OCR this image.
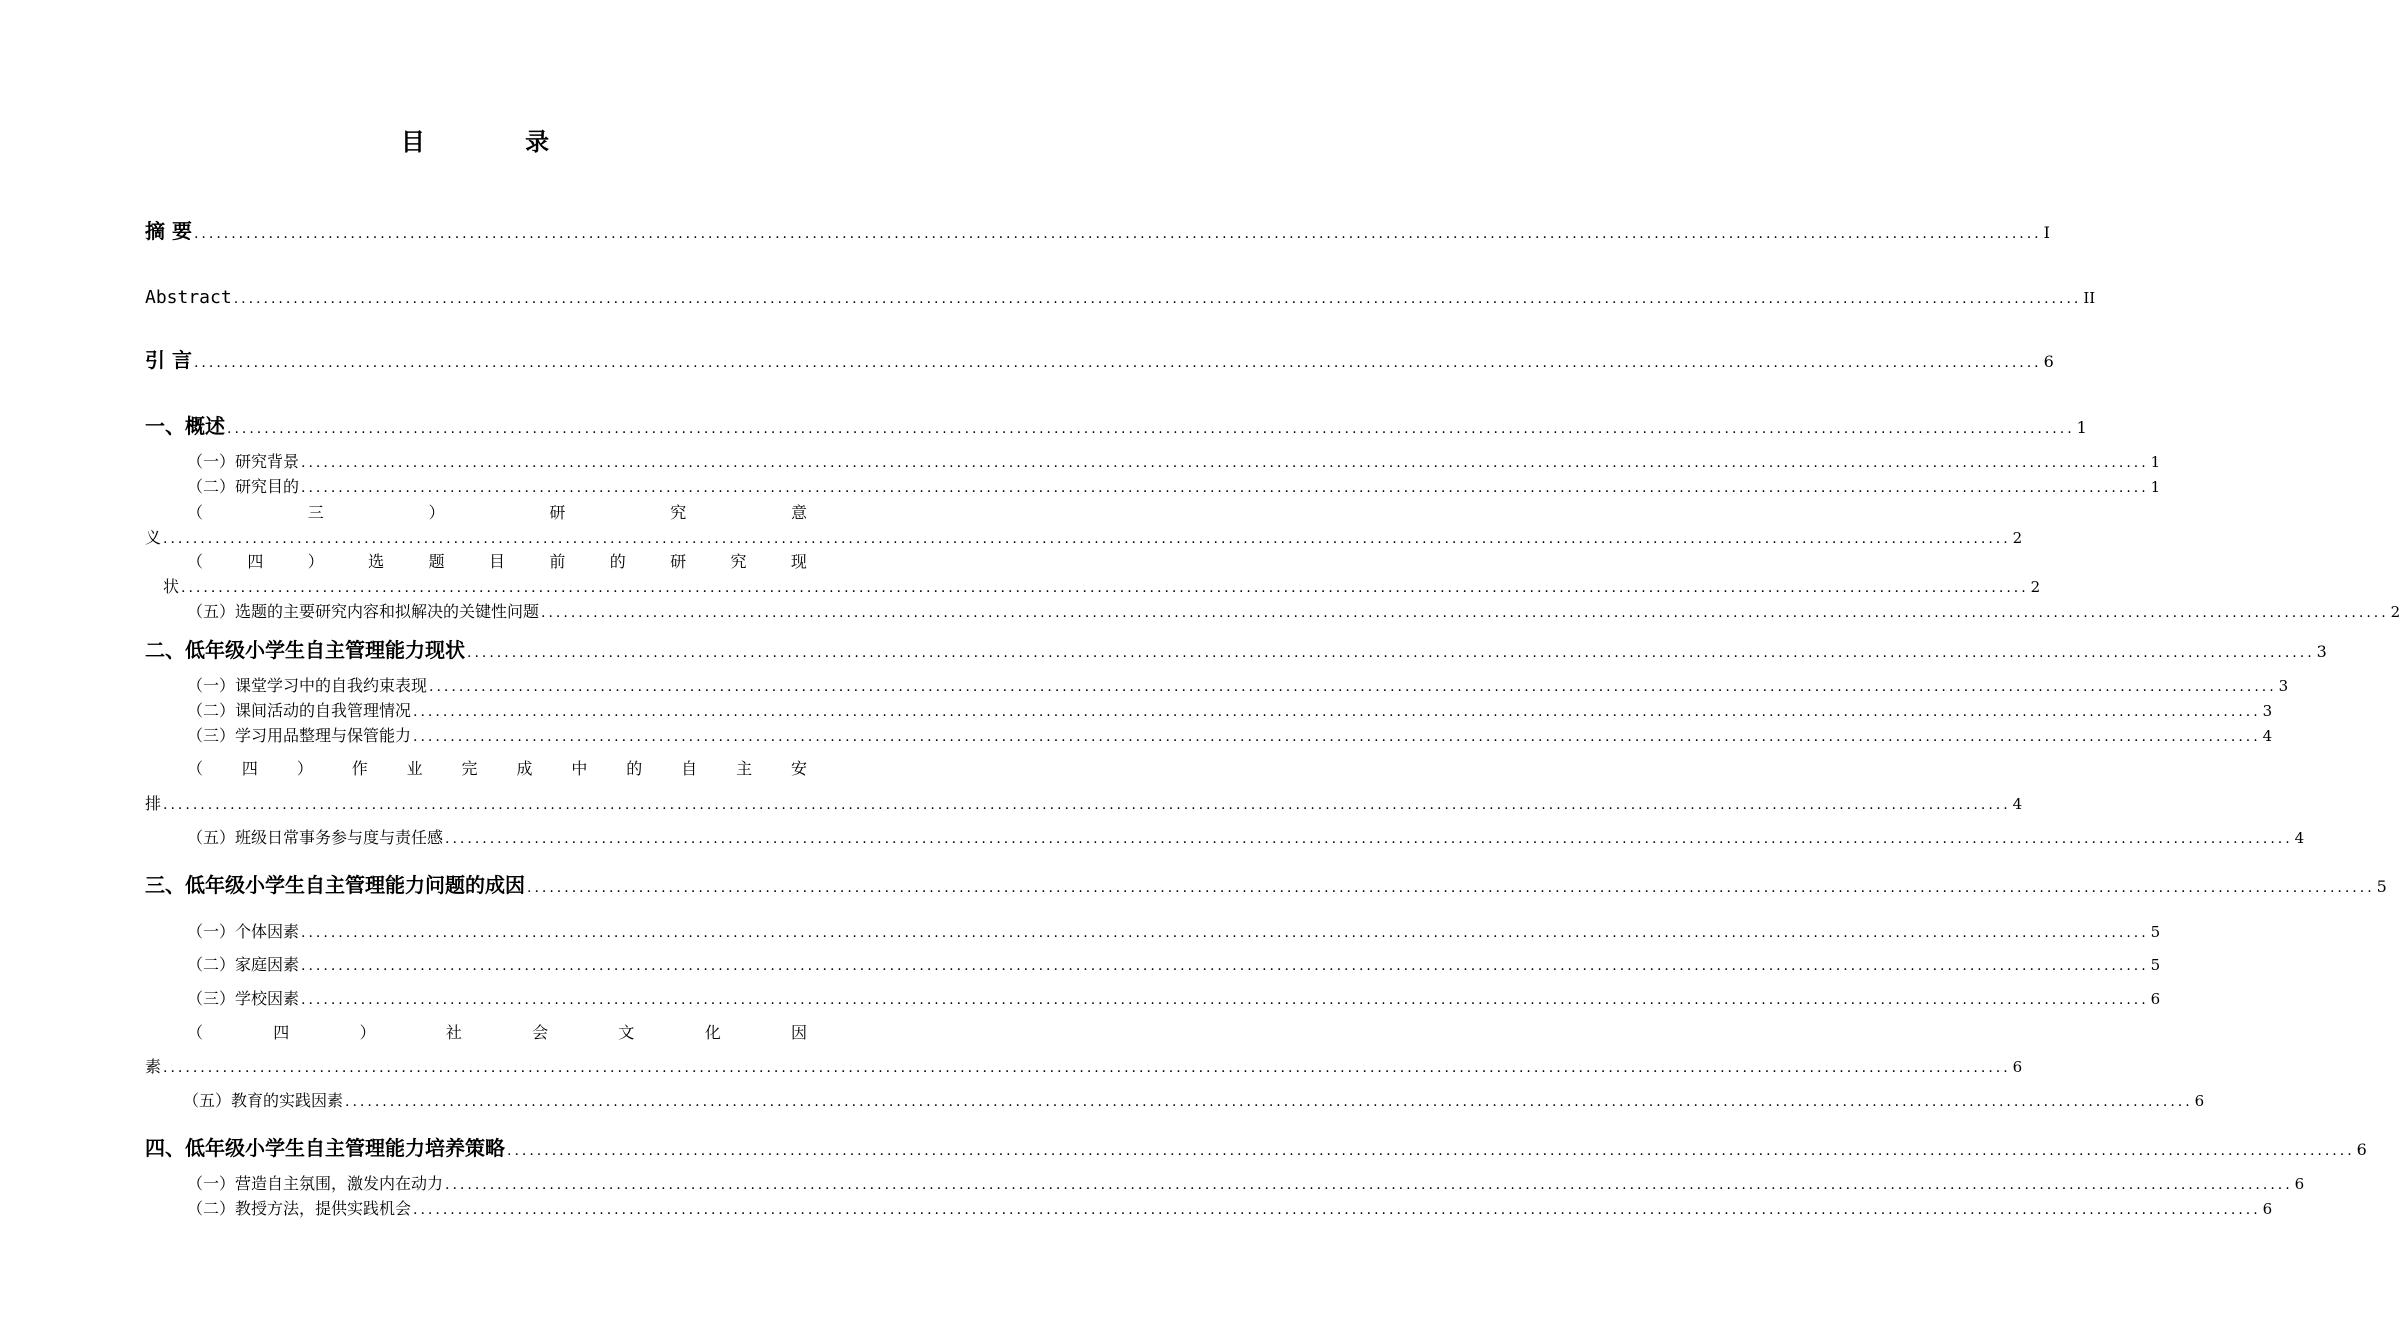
目 录
摘 要 ........................................................................................................................................................................................................................................................ I
Abstract ........................................................................................................................................................................................................................................................ II
引 言 ........................................................................................................................................................................................................................................................ 6
一、概述 ........................................................................................................................................................................................................................................................ 1
（一）研究背景 ........................................................................................................................................................................................................................................................ 1
（二）研究目的 ........................................................................................................................................................................................................................................................ 1
（	三	）	研	究	意
义 ........................................................................................................................................................................................................................................................ 2
（	四	）	选	题	目	前	的	研	究	现
状 ........................................................................................................................................................................................................................................................ 2
（五）选题的主要研究内容和拟解决的关键性问题 ........................................................................................................................................................................................................................................................ 2
二、低年级小学生自主管理能力现状 ........................................................................................................................................................................................................................................................ 3
（一）课堂学习中的自我约束表现 ........................................................................................................................................................................................................................................................ 3
（二）课间活动的自我管理情况 ........................................................................................................................................................................................................................................................ 3
（三）学习用品整理与保管能力 ........................................................................................................................................................................................................................................................ 4
（ 四 ） 作 业 完 成 中 的 自 主 安
排 ........................................................................................................................................................................................................................................................ 4
（五）班级日常事务参与度与责任感 ........................................................................................................................................................................................................................................................ 4
三、低年级小学生自主管理能力问题的成因 ........................................................................................................................................................................................................................................................ 5
（一）个体因素 ........................................................................................................................................................................................................................................................ 5
（二）家庭因素 ........................................................................................................................................................................................................................................................ 5
（三）学校因素 ........................................................................................................................................................................................................................................................ 6
（	四	）	社	会	文	化	因
素 ........................................................................................................................................................................................................................................................ 6
（五）教育的实践因素 ........................................................................................................................................................................................................................................................ 6
四、低年级小学生自主管理能力培养策略 ........................................................................................................................................................................................................................................................ 6
（一）营造自主氛围，激发内在动力 ........................................................................................................................................................................................................................................................ 6
（二）教授方法，提供实践机会 ........................................................................................................................................................................................................................................................ 6
